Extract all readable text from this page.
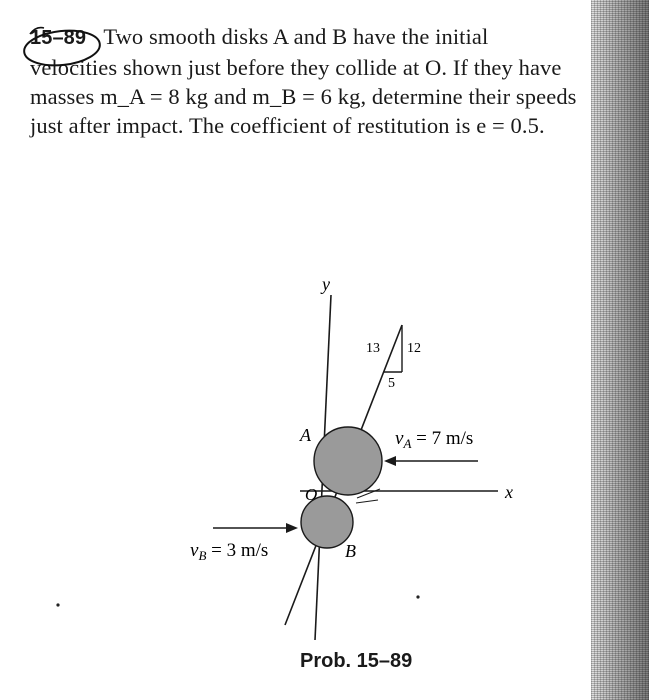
15–89 Two smooth disks A and B have the initial
velocities shown just before they collide at O. If they have
masses m_A = 8 kg and m_B = 6 kg, determine their speeds
just after impact. The coefficient of restitution is e = 0.5.
y
x
13 12
5
A
B
O
$v_A = 7$ m/s
$v_B = 3$ m/s
Prob. 15–89
